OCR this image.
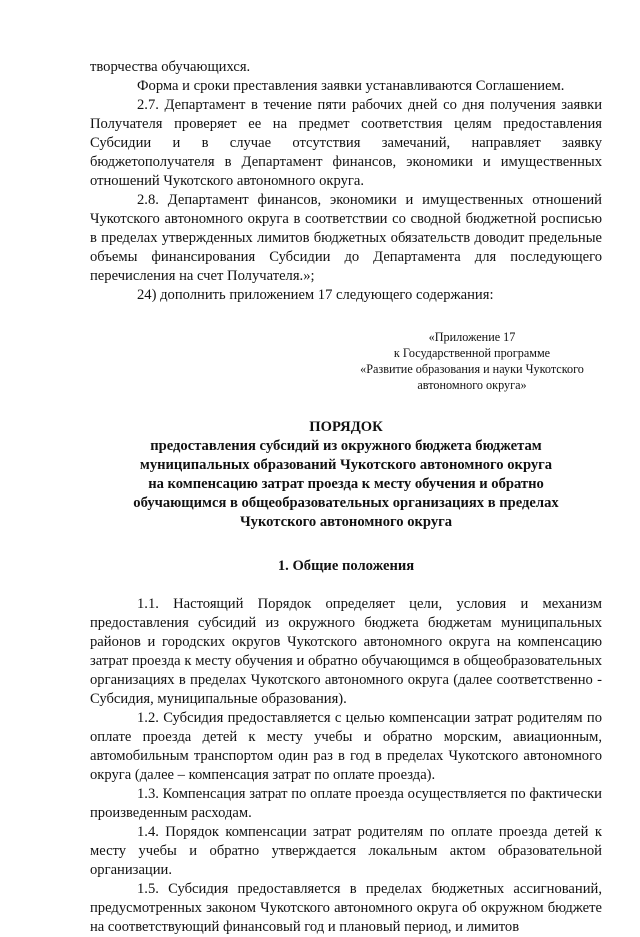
творчества обучающихся.

Форма и сроки преставления заявки устанавливаются Соглашением.

2.7. Департамент в течение пяти рабочих дней со дня получения заявки Получателя проверяет ее на предмет соответствия целям предоставления Субсидии и в случае отсутствия замечаний, направляет заявку бюджетополучателя в Департамент финансов, экономики и имущественных отношений Чукотского автономного округа.

2.8. Департамент финансов, экономики и имущественных отношений Чукотского автономного округа в соответствии со сводной бюджетной росписью в пределах утвержденных лимитов бюджетных обязательств доводит предельные объемы финансирования Субсидии до Департамента для последующего перечисления на счет Получателя.»;

24) дополнить приложением 17 следующего содержания:

«Приложение 17
к Государственной программе
«Развитие образования и науки Чукотского
автономного округа»
ПОРЯДОК
предоставления субсидий из окружного бюджета бюджетам
муниципальных образований Чукотского автономного округа
на компенсацию затрат проезда к месту обучения и обратно
обучающимся в общеобразовательных организациях в пределах
Чукотского автономного округа
1. Общие положения

1.1. Настоящий Порядок определяет цели, условия и механизм предоставления субсидий из окружного бюджета бюджетам муниципальных районов и городских округов Чукотского автономного округа на компенсацию затрат проезда к месту обучения и обратно обучающимся в общеобразовательных организациях в пределах Чукотского автономного округа (далее соответственно - Субсидия, муниципальные образования).

1.2. Субсидия предоставляется с целью компенсации затрат родителям по оплате проезда детей к месту учебы и обратно морским, авиационным, автомобильным транспортом один раз в год в пределах Чукотского автономного округа (далее – компенсация затрат по оплате проезда).

1.3. Компенсация затрат по оплате проезда осуществляется по фактически произведенным расходам.

1.4. Порядок компенсации затрат родителям по оплате проезда детей к месту учебы и обратно утверждается локальным актом образовательной организации.

1.5. Субсидия предоставляется в пределах бюджетных ассигнований, предусмотренных законом Чукотского автономного округа об окружном бюджете на соответствующий финансовый год и плановый период, и лимитов
